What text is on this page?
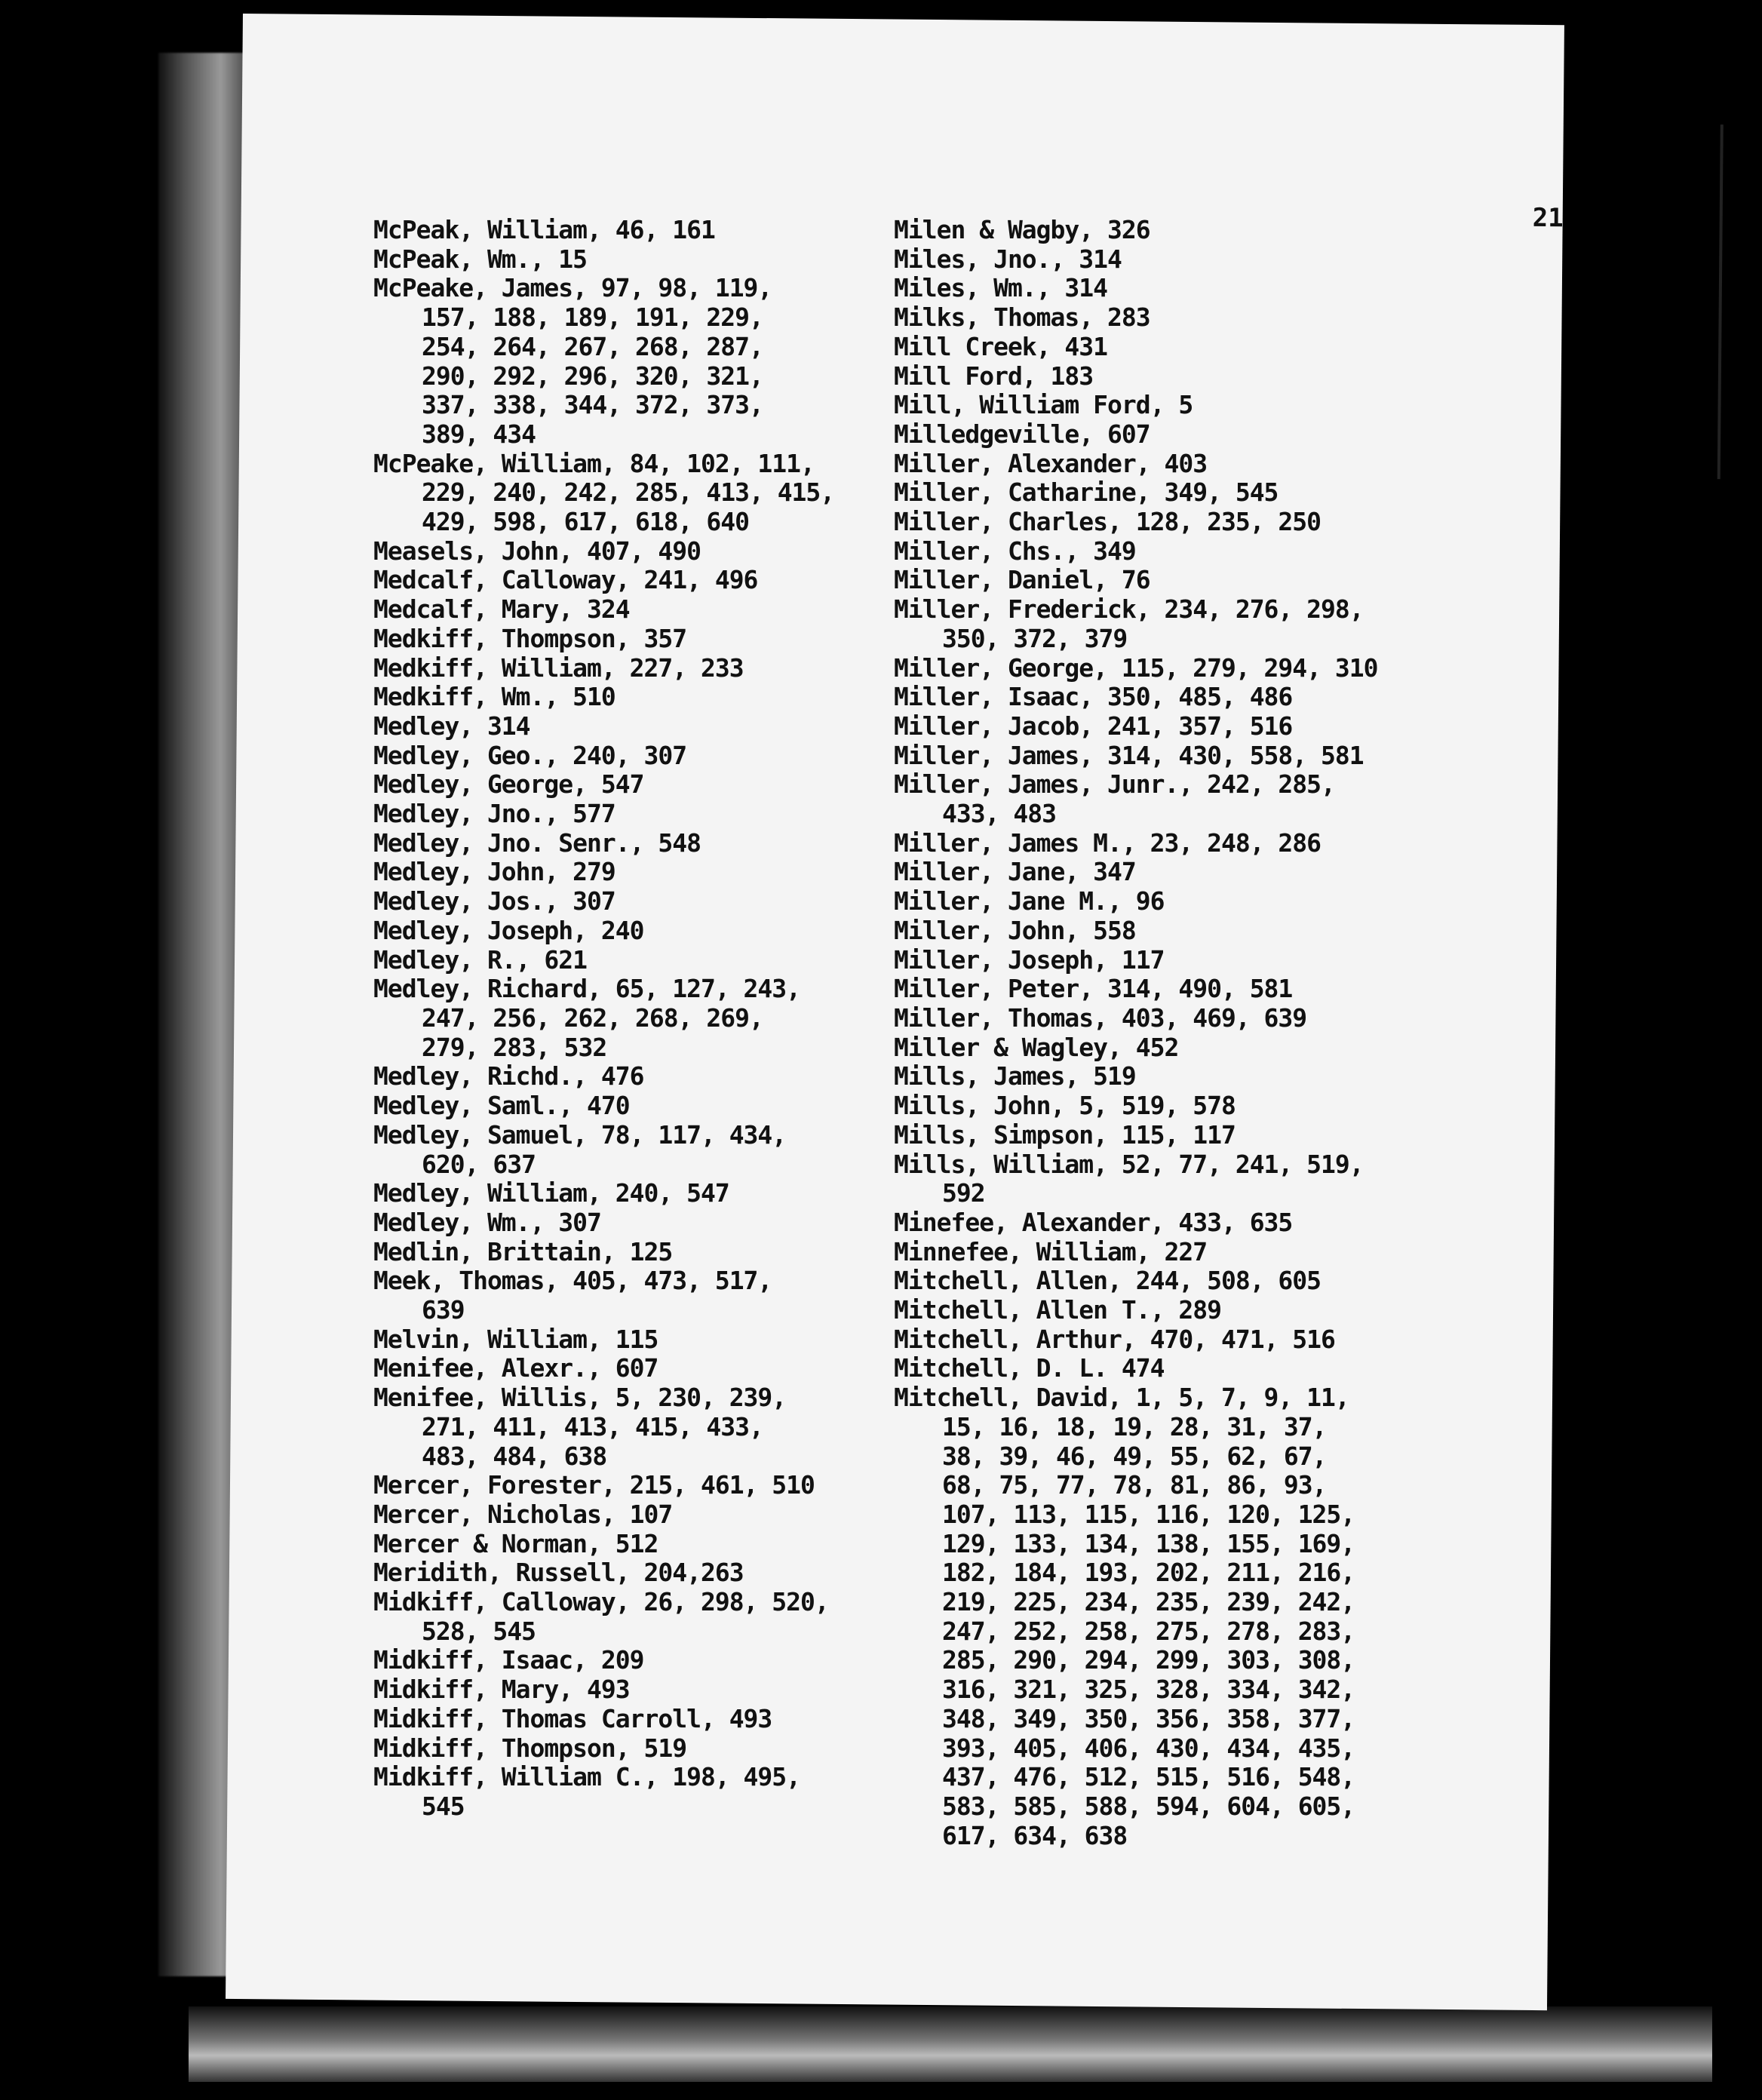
21

McPeak, William, 46, 161

McPeak, Wm., 15

McPeake, James, 97, 98, 119,
157, 188, 189, 191, 229,
254, 264, 267, 268, 287,
290, 292, 296, 320, 321,
337, 338, 344, 372, 373,
389, 434

McPeake, William, 84, 102, 111,
229, 240, 242, 285, 413, 415,
429, 598, 617, 618, 640

Measels, John, 407, 490

Medcalf, Calloway, 241, 496

Medcalf, Mary, 324

Medkiff, Thompson, 357

Medkiff, William, 227, 233

Medkiff, Wm., 510

Medley, 314

Medley, Geo., 240, 307

Medley, George, 547

Medley, Jno., 577

Medley, Jno. Senr., 548

Medley, John, 279

Medley, Jos., 307

Medley, Joseph, 240

Medley, R., 621

Medley, Richard, 65, 127, 243,
247, 256, 262, 268, 269,
279, 283, 532

Medley, Richd., 476

Medley, Saml., 470

Medley, Samuel, 78, 117, 434,
620, 637

Medley, William, 240, 547

Medley, Wm., 307

Medlin, Brittain, 125

Meek, Thomas, 405, 473, 517,
639

Melvin, William, 115

Menifee, Alexr., 607

Menifee, Willis, 5, 230, 239,
271, 411, 413, 415, 433,
483, 484, 638

Mercer, Forester, 215, 461, 510

Mercer, Nicholas, 107

Mercer & Norman, 512

Meridith, Russell, 204,263

Midkiff, Calloway, 26, 298, 520,
528, 545

Midkiff, Isaac, 209

Midkiff, Mary, 493

Midkiff, Thomas Carroll, 493

Midkiff, Thompson, 519

Midkiff, William C., 198, 495,
545

Milen & Wagby, 326

Miles, Jno., 314

Miles, Wm., 314

Milks, Thomas, 283

Mill Creek, 431

Mill Ford, 183

Mill, William Ford, 5

Milledgeville, 607

Miller, Alexander, 403

Miller, Catharine, 349, 545

Miller, Charles, 128, 235, 250

Miller, Chs., 349

Miller, Daniel, 76

Miller, Frederick, 234, 276, 298,
350, 372, 379

Miller, George, 115, 279, 294, 310

Miller, Isaac, 350, 485, 486

Miller, Jacob, 241, 357, 516

Miller, James, 314, 430, 558, 581

Miller, James, Junr., 242, 285,
433, 483

Miller, James M., 23, 248, 286

Miller, Jane, 347

Miller, Jane M., 96

Miller, John, 558

Miller, Joseph, 117

Miller, Peter, 314, 490, 581

Miller, Thomas, 403, 469, 639

Miller & Wagley, 452

Mills, James, 519

Mills, John, 5, 519, 578

Mills, Simpson, 115, 117

Mills, William, 52, 77, 241, 519,
592

Minefee, Alexander, 433, 635

Minnefee, William, 227

Mitchell, Allen, 244, 508, 605

Mitchell, Allen T., 289

Mitchell, Arthur, 470, 471, 516

Mitchell, D. L. 474

Mitchell, David, 1, 5, 7, 9, 11,
15, 16, 18, 19, 28, 31, 37,
38, 39, 46, 49, 55, 62, 67,
68, 75, 77, 78, 81, 86, 93,
107, 113, 115, 116, 120, 125,
129, 133, 134, 138, 155, 169,
182, 184, 193, 202, 211, 216,
219, 225, 234, 235, 239, 242,
247, 252, 258, 275, 278, 283,
285, 290, 294, 299, 303, 308,
316, 321, 325, 328, 334, 342,
348, 349, 350, 356, 358, 377,
393, 405, 406, 430, 434, 435,
437, 476, 512, 515, 516, 548,
583, 585, 588, 594, 604, 605,
617, 634, 638
